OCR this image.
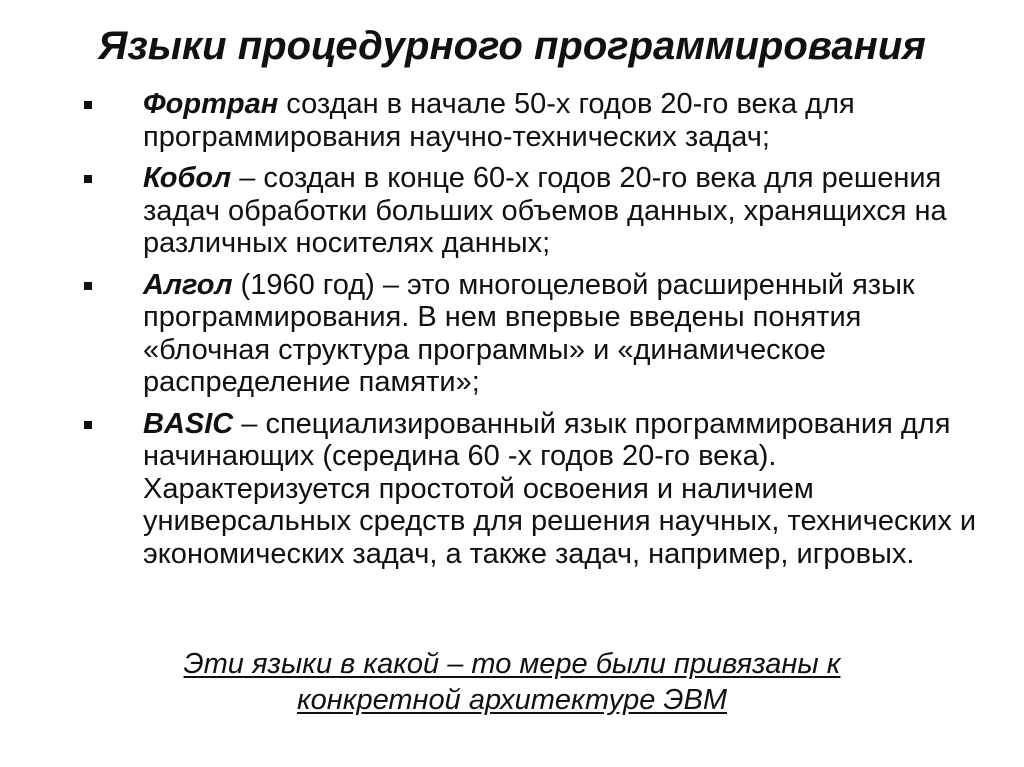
Языки процедурного программирования
Фортран создан в начале 50-х годов 20-го века для программирования научно-технических задач;
Кобол – создан в конце 60-х годов 20-го века для решения задач обработки больших объемов данных, хранящихся на различных носителях данных;
Алгол (1960 год) – это многоцелевой расширенный язык программирования. В нем впервые введены понятия «блочная структура программы» и «динамическое распределение памяти»;
BASIC – специализированный язык программирования для начинающих (середина 60 -х годов 20-го века). Характеризуется простотой освоения и наличием универсальных средств для решения научных, технических и экономических задач, а также задач, например, игровых.
Эти языки в какой – то мере были привязаны к
конкретной архитектуре ЭВМ
